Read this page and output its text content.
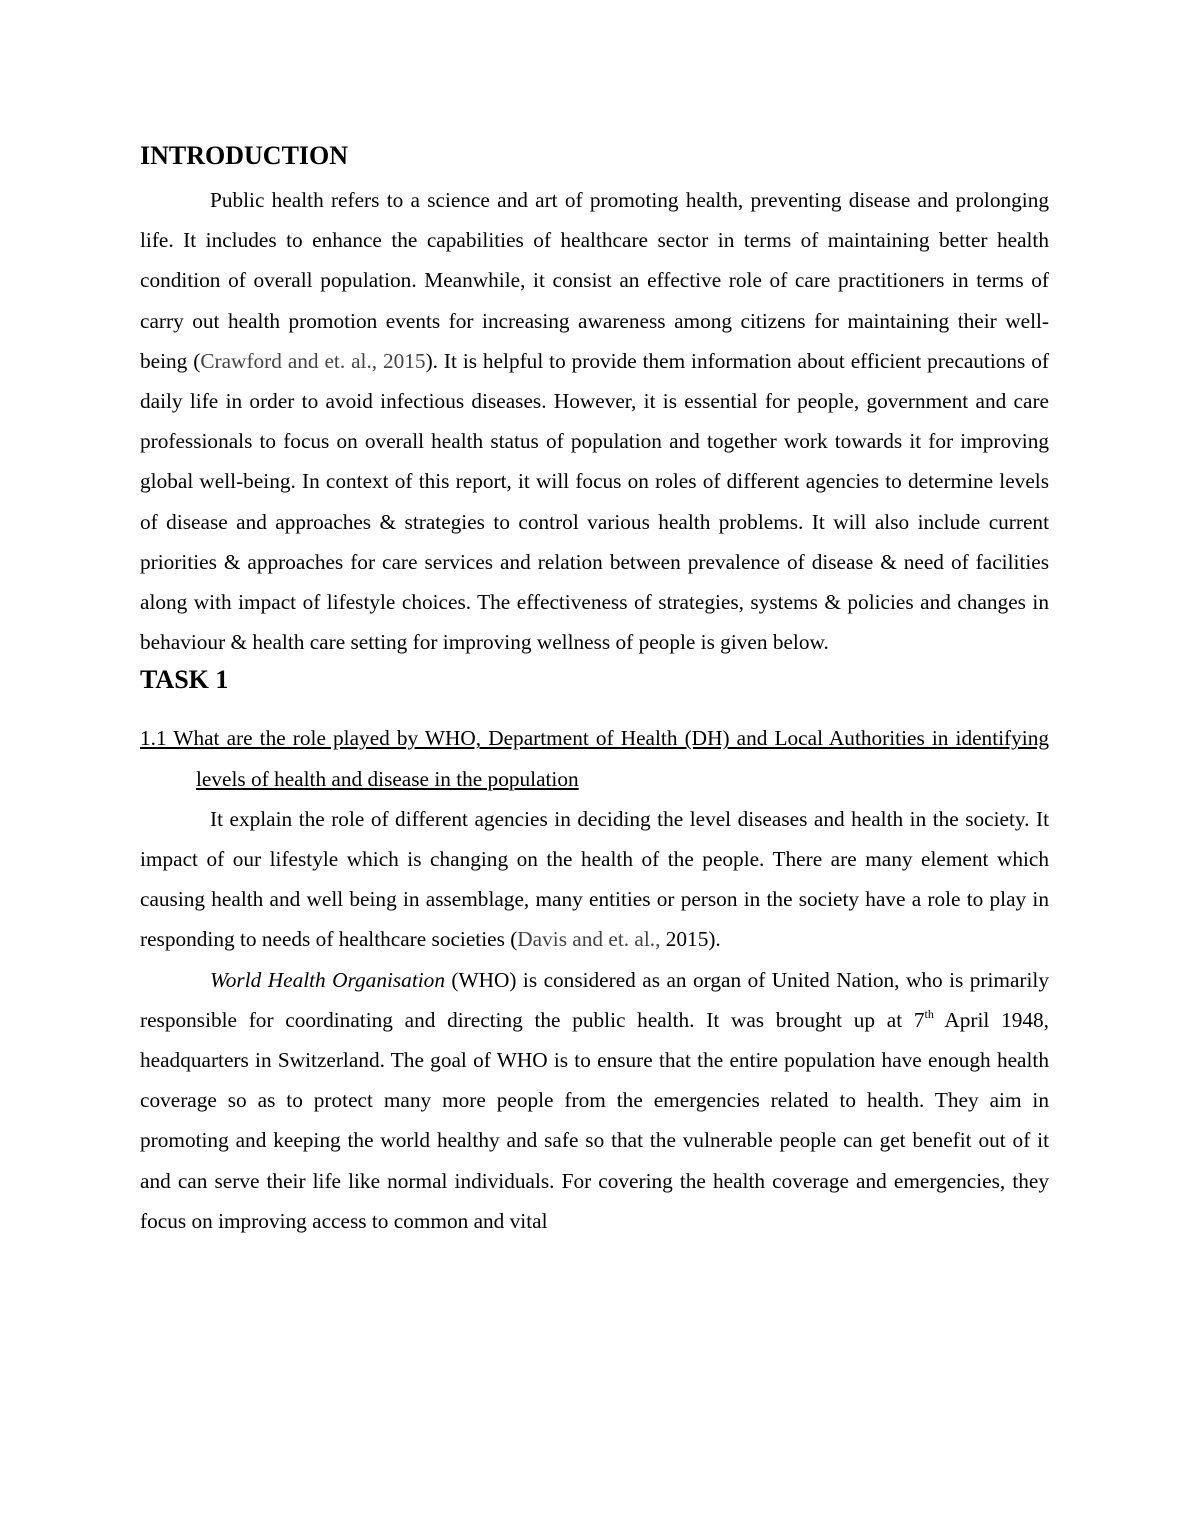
INTRODUCTION

Public health refers to a science and art of promoting health, preventing disease and prolonging life. It includes to enhance the capabilities of healthcare sector in terms of maintaining better health condition of overall population. Meanwhile, it consist an effective role of care practitioners in terms of carry out health promotion events for increasing awareness among citizens for maintaining their well-being (Crawford and et. al., 2015). It is helpful to provide them information about efficient precautions of daily life in order to avoid infectious diseases. However, it is essential for people, government and care professionals to focus on overall health status of population and together work towards it for improving global well-being. In context of this report, it will focus on roles of different agencies to determine levels of disease and approaches & strategies to control various health problems. It will also include current priorities & approaches for care services and relation between prevalence of disease & need of facilities along with impact of lifestyle choices. The effectiveness of strategies, systems & policies and changes in behaviour & health care setting for improving wellness of people is given below.

TASK 1

1.1 What are the role played by WHO, Department of Health (DH) and Local Authorities in identifying levels of health and disease in the population

It explain the role of different agencies in deciding the level diseases and health in the society. It impact of our lifestyle which is changing on the health of the people. There are many element which causing health and well being in assemblage, many entities or person in the society have a role to play in responding to needs of healthcare societies (Davis and et. al., 2015).

World Health Organisation (WHO) is considered as an organ of United Nation, who is primarily responsible for coordinating and directing the public health. It was brought up at 7th April 1948, headquarters in Switzerland. The goal of WHO is to ensure that the entire population have enough health coverage so as to protect many more people from the emergencies related to health. They aim in promoting and keeping the world healthy and safe so that the vulnerable people can get benefit out of it and can serve their life like normal individuals. For covering the health coverage and emergencies, they focus on improving access to common and vital
